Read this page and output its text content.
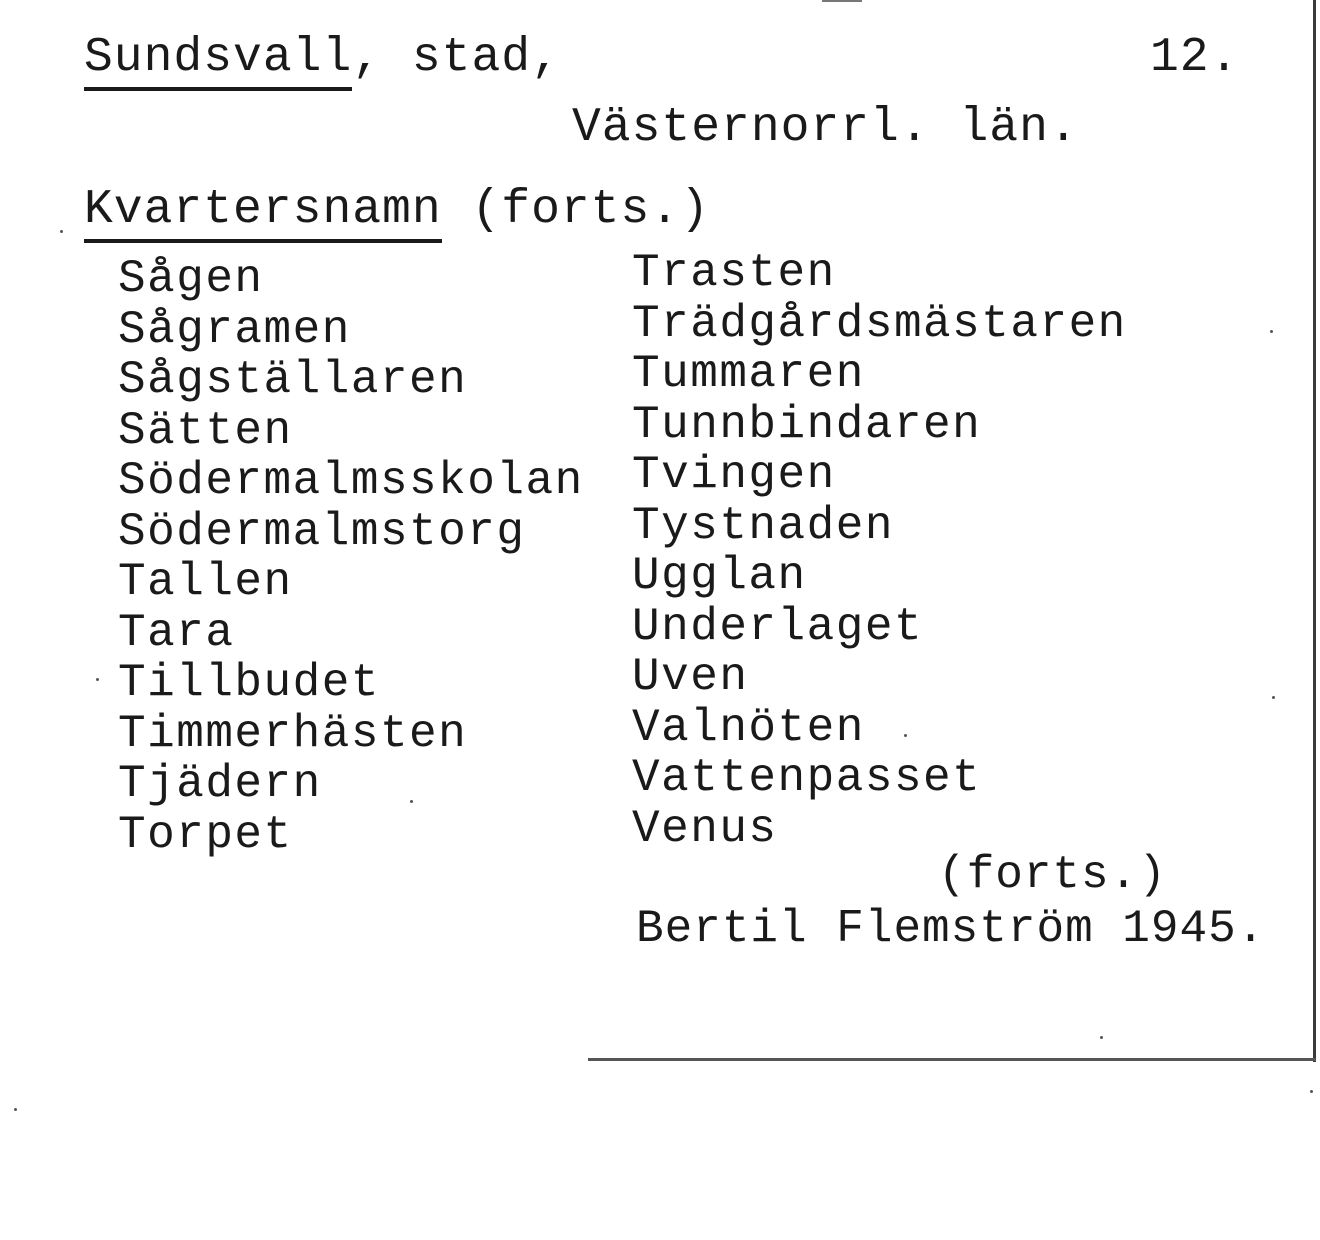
Sundsvall, stad,	12.
Västernorrl. län.
Kvartersnamn (forts.)
Sågen
Sågramen
Sågställaren
Sätten
Södermalmsskolan
Södermalmstorg
Tallen
Tara
Tillbudet
Timmerhästen
Tjädern
Torpet
Trasten
Trädgårdsmästaren
Tummaren
Tunnbindaren
Tvingen
Tystnaden
Ugglan
Underlaget
Uven
Valnöten
Vattenpasset
Venus
(forts.)
Bertil Flemström 1945.
